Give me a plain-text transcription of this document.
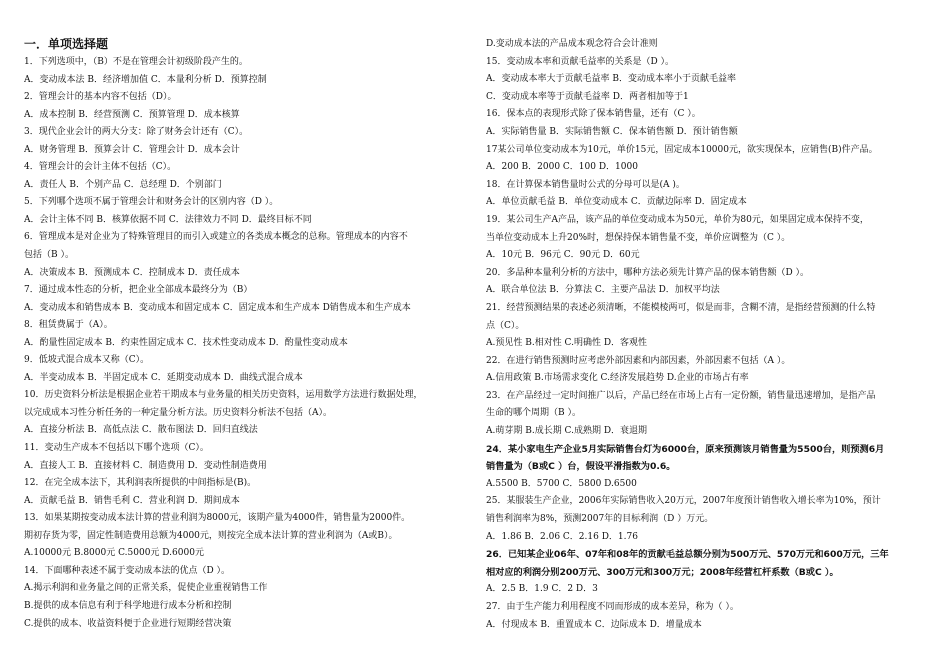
一．单项选择题
1．下列选项中，（B）不是在管理会计初级阶段产生的。
A．变动成本法 B．经济增加值 C．本量利分析 D．预算控制
2．管理会计的基本内容不包括（D）。
A．成本控制 B．经营预测 C．预算管理 D．成本核算
3．现代企业会计的两大分支：除了财务会计还有（C）。
A．财务管理 B．预算会计 C．管理会计 D．成本会计
4．管理会计的会计主体不包括（C）。
A．责任人 B．个别产品 C．总经理 D．个别部门
5．下列哪个选项不属于管理会计和财务会计的区别内容（D ）。
A．会计主体不同 B．核算依据不同 C．法律效力不同 D．最终目标不同
6．管理成本是对企业为了特殊管理目的而引入或建立的各类成本概念的总称。管理成本的内容不
包括（B ）。
A．决策成本 B．预测成本 C．控制成本 D．责任成本
7．通过成本性态的分析，把企业全部成本最终分为（B）
A．变动成本和销售成本 B．变动成本和固定成本 C．固定成本和生产成本 D销售成本和生产成本
8．租赁费属于（A）。
A．酌量性固定成本 B．约束性固定成本 C．技术性变动成本 D．酌量性变动成本
9．低坡式混合成本又称（C）。
A．半变动成本 B．半固定成本 C．延期变动成本 D．曲线式混合成本
10．历史资料分析法是根据企业若干期成本与业务量的相关历史资料，运用数学方法进行数据处理，
以完成成本习性分析任务的一种定量分析方法。历史资料分析法不包括（A）。
A．直接分析法 B．高低点法 C．散布图法 D．回归直线法
11．变动生产成本不包括以下哪个选项（C）。
A．直接人工 B．直接材料 C．制造费用 D．变动性制造费用
12．在完全成本法下，其利润表所提供的中间指标是(B)。
A．贡献毛益 B．销售毛利 C．营业利润 D．期间成本
13．如果某期按变动成本法计算的营业利润为8000元，该期产量为4000件，销售量为2000件。
期初存货为零，固定性制造费用总额为4000元，则按完全成本法计算的营业利润为（A或B）。
A.10000元 B.8000元 C.5000元 D.6000元
14．下面哪种表述不属于变动成本法的优点（D ）。
A.揭示利润和业务量之间的正常关系，促使企业重视销售工作
B.提供的成本信息有利于科学地进行成本分析和控制
C.提供的成本、收益资料便于企业进行短期经营决策
D.变动成本法的产品成本观念符合会计准则
15．变动成本率和贡献毛益率的关系是（D ）。
A．变动成本率大于贡献毛益率 B．变动成本率小于贡献毛益率
C．变动成本率等于贡献毛益率 D．两者相加等于1
16．保本点的表现形式除了保本销售量，还有（C ）。
A．实际销售量 B．实际销售额 C．保本销售额 D．预计销售额
17某公司单位变动成本为10元，单价15元，固定成本10000元，欲实现保本，应销售(B)件产品。
A．200 B．2000 C．100 D．1000
18．在计算保本销售量时公式的分母可以是(A )。
A．单位贡献毛益 B．单位变动成本 C．贡献边际率 D．固定成本
19．某公司生产A产品，该产品的单位变动成本为50元，单价为80元，如果固定成本保持不变，
当单位变动成本上升20%时，想保持保本销售量不变，单价应调整为（C ）。
A．10元 B．96元 C．90元 D．60元
20．多品种本量利分析的方法中，哪种方法必须先计算产品的保本销售额（D ）。
A．联合单位法 B．分算法 C．主要产品法 D．加权平均法
21．经营预测结果的表述必须清晰，不能模棱两可，似是而非，含糊不清，是指经营预测的什么特
点（C）。
A.预见性 B.相对性 C.明确性 D．客观性
22．在进行销售预测时应考虑外部因素和内部因素，外部因素不包括（A ）。
A.信用政策 B.市场需求变化 C.经济发展趋势 D.企业的市场占有率
23．在产品经过一定时间推广以后，产品已经在市场上占有一定份额，销售量迅速增加，是指产品
生命的哪个周期（B ）。
A.萌芽期 B.成长期 C.成熟期 D．衰退期
24．某小家电生产企业5月实际销售台灯为6000台，原来预测该月销售量为5500台，则预测6月
销售量为（B或C ）台，假设平滑指数为0.6。
A.5500 B．5700 C．5800 D.6500
25．某服装生产企业，2006年实际销售收入20万元，2007年度预计销售收入增长率为10%，预计
销售利润率为8%，预测2007年的目标利润（D ）万元。
A．1.86 B．2.06 C．2.16 D．1.76
26．已知某企业06年、07年和08年的贡献毛益总额分别为500万元、570万元和600万元，三年
相对应的利润分别200万元、300万元和300万元；2008年经营杠杆系数（B或C ）。
A．2.5 B．1.9 C．2 D．3
27．由于生产能力利用程度不同而形成的成本差异，称为（ ）。
A．付现成本 B．重置成本 C．边际成本 D．增量成本
